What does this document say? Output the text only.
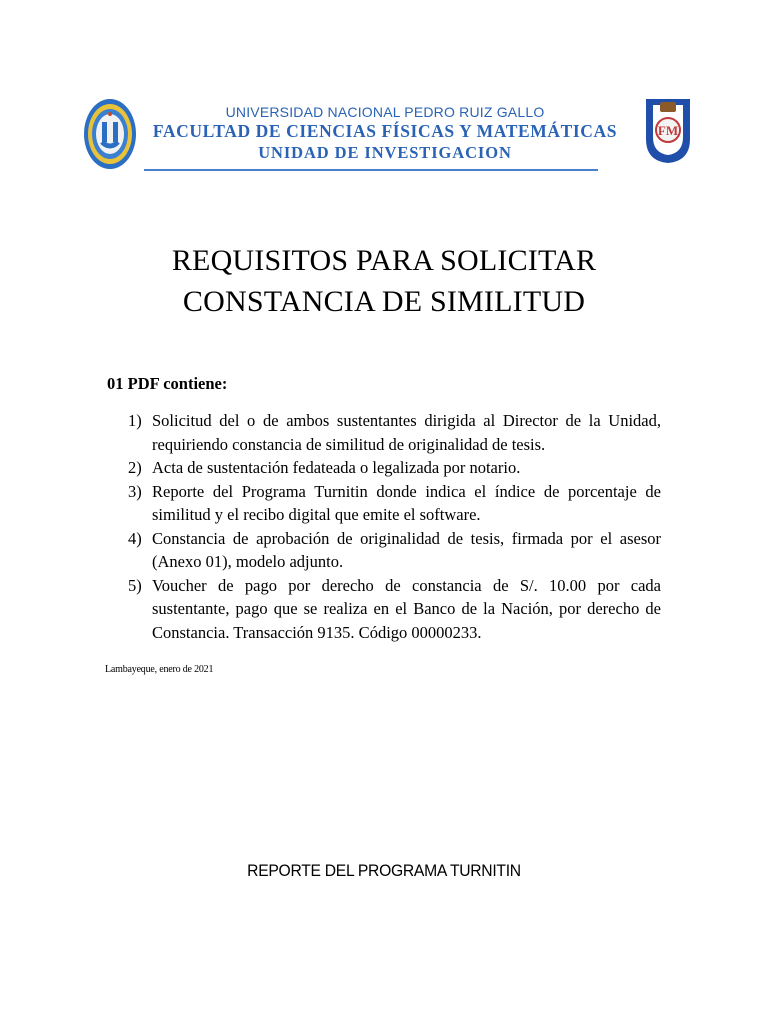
UNIVERSIDAD NACIONAL PEDRO RUIZ GALLO
FACULTAD DE CIENCIAS FÍSICAS Y MATEMÁTICAS
UNIDAD DE INVESTIGACION
FM
REQUISITOS PARA SOLICITAR
CONSTANCIA DE SIMILITUD
01 PDF contiene:
1) Solicitud del o de ambos sustentantes dirigida al Director de la Unidad, requiriendo constancia de similitud de originalidad de tesis.
2) Acta de sustentación fedateada o legalizada por notario.
3) Reporte del Programa Turnitin donde indica el índice de porcentaje de similitud y el recibo digital que emite el software.
4) Constancia de aprobación de originalidad de tesis, firmada por el asesor (Anexo 01), modelo adjunto.
5) Voucher de pago por derecho de constancia de S/. 10.00 por cada sustentante, pago que se realiza en el Banco de la Nación, por derecho de Constancia. Transacción 9135. Código 00000233.
Lambayeque, enero de 2021
REPORTE DEL PROGRAMA TURNITIN
